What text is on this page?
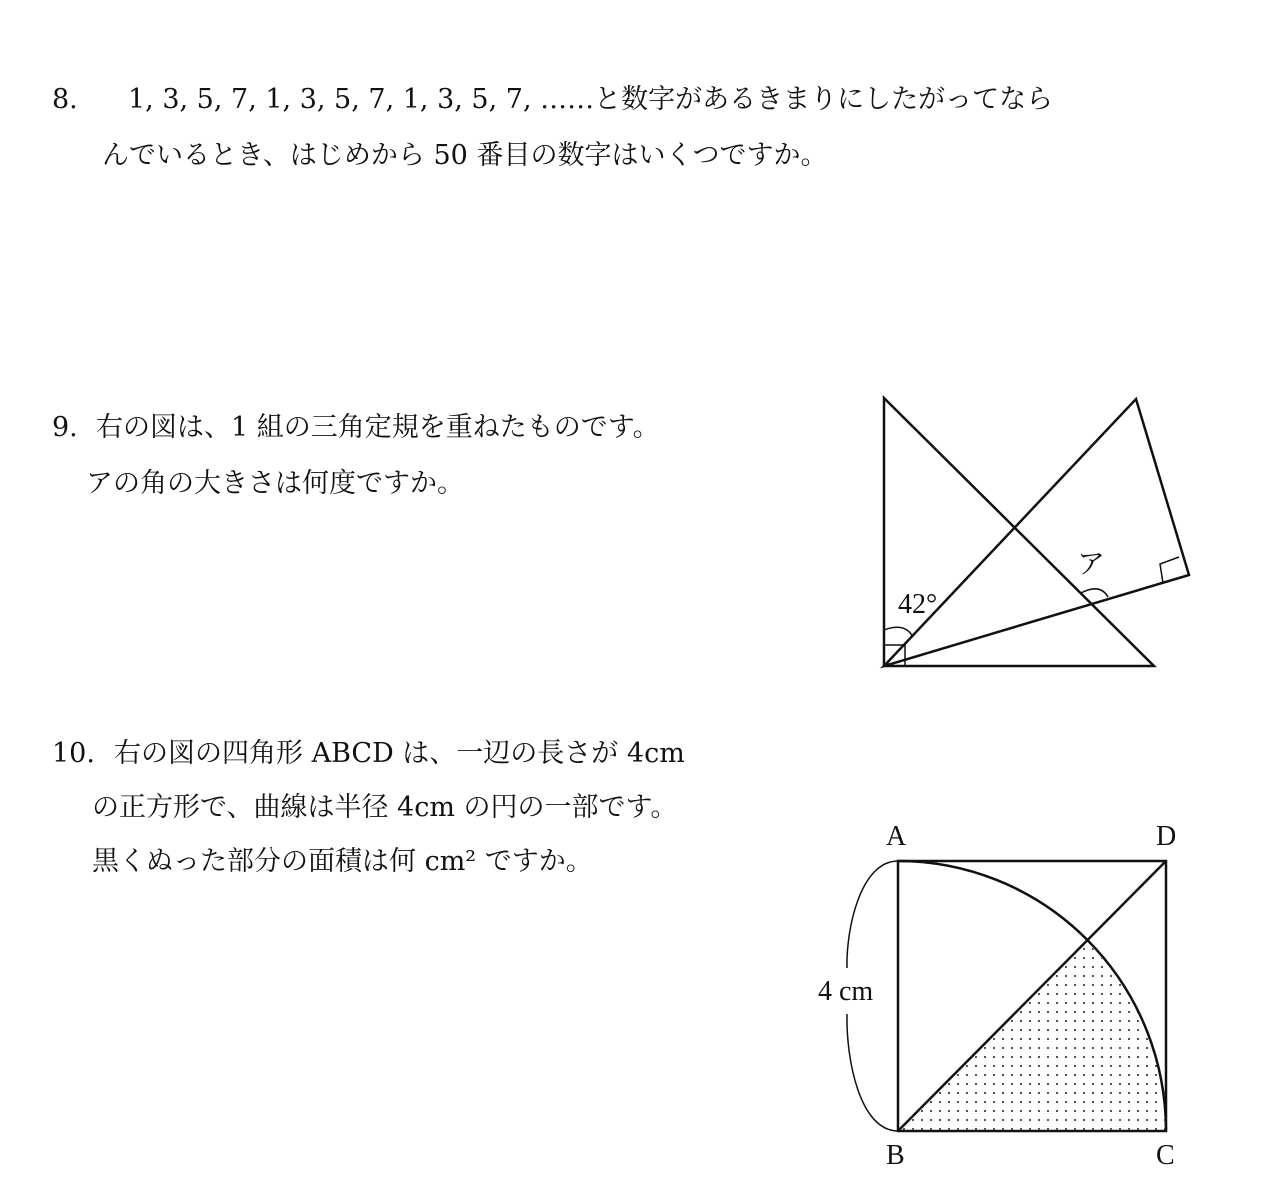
8. 1, 3, 5, 7, 1, 3, 5, 7, 1, 3, 5, 7, ……と数字があるきまりにしたがってなら
んでいるとき、はじめから 50 番目の数字はいくつですか。
9. 右の図は、1 組の三角定規を重ねたものです。
アの角の大きさは何度ですか。
10. 右の図の四角形 ABCD は、一辺の長さが 4cm
の正方形で、曲線は半径 4cm の円の一部です。
黒くぬった部分の面積は何 cm² ですか。
42°
ア
A	D
B	C
4 cm
